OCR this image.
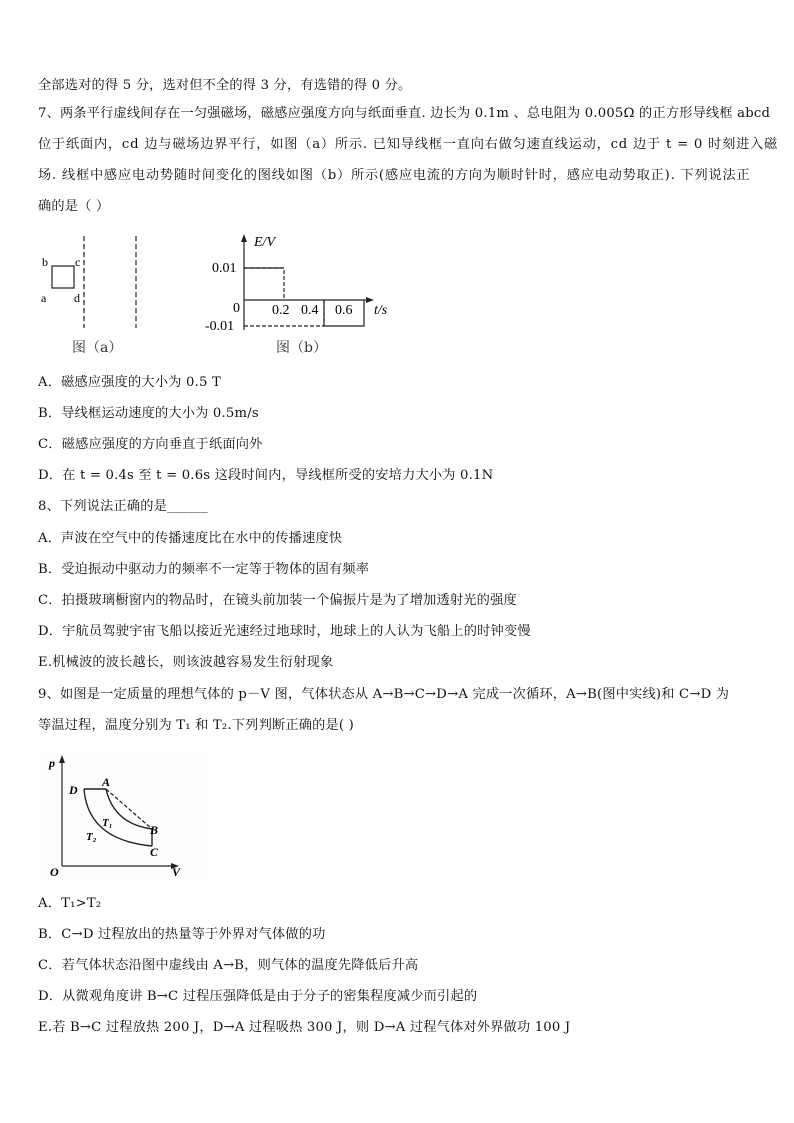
全部选对的得 5 分，选对但不全的得 3 分，有选错的得 0 分。
7、两条平行虚线间存在一匀强磁场，磁感应强度方向与纸面垂直. 边长为 0.1m 、总电阻为 0.005Ω 的正方形导线框 abcd
位于纸面内，cd 边与磁场边界平行，如图（a）所示. 已知导线框一直向右做匀速直线运动，cd 边于 t = 0 时刻进入磁
场. 线框中感应电动势随时间变化的图线如图（b）所示(感应电流的方向为顺时针时，感应电动势取正). 下列说法正
确的是（ ）
b c
a d
图（a）
E/V
t/s
0
0.01
-0.01
0.2 0.4 0.6
图（b）
A．磁感应强度的大小为 0.5 T
B．导线框运动速度的大小为 0.5m/s
C．磁感应强度的方向垂直于纸面向外
D．在 t = 0.4s 至 t = 0.6s 这段时间内，导线框所受的安培力大小为 0.1N
8、下列说法正确的是______
A．声波在空气中的传播速度比在水中的传播速度快
B．受迫振动中驱动力的频率不一定等于物体的固有频率
C．拍摄玻璃橱窗内的物品时，在镜头前加装一个偏振片是为了增加透射光的强度
D．宇航员驾驶宇宙飞船以接近光速经过地球时，地球上的人认为飞船上的时钟变慢
E.机械波的波长越长，则该波越容易发生衍射现象
9、如图是一定质量的理想气体的 p－V 图，气体状态从 A→B→C→D→A 完成一次循环，A→B(图中实线)和 C→D 为
等温过程，温度分别为 T₁ 和 T₂.下列判断正确的是( )
p
V
O
D
A
B
C
T₁
T₂
A．T₁>T₂
B．C→D 过程放出的热量等于外界对气体做的功
C．若气体状态沿图中虚线由 A→B，则气体的温度先降低后升高
D．从微观角度讲 B→C 过程压强降低是由于分子的密集程度减少而引起的
E.若 B→C 过程放热 200 J，D→A 过程吸热 300 J，则 D→A 过程气体对外界做功 100 J
